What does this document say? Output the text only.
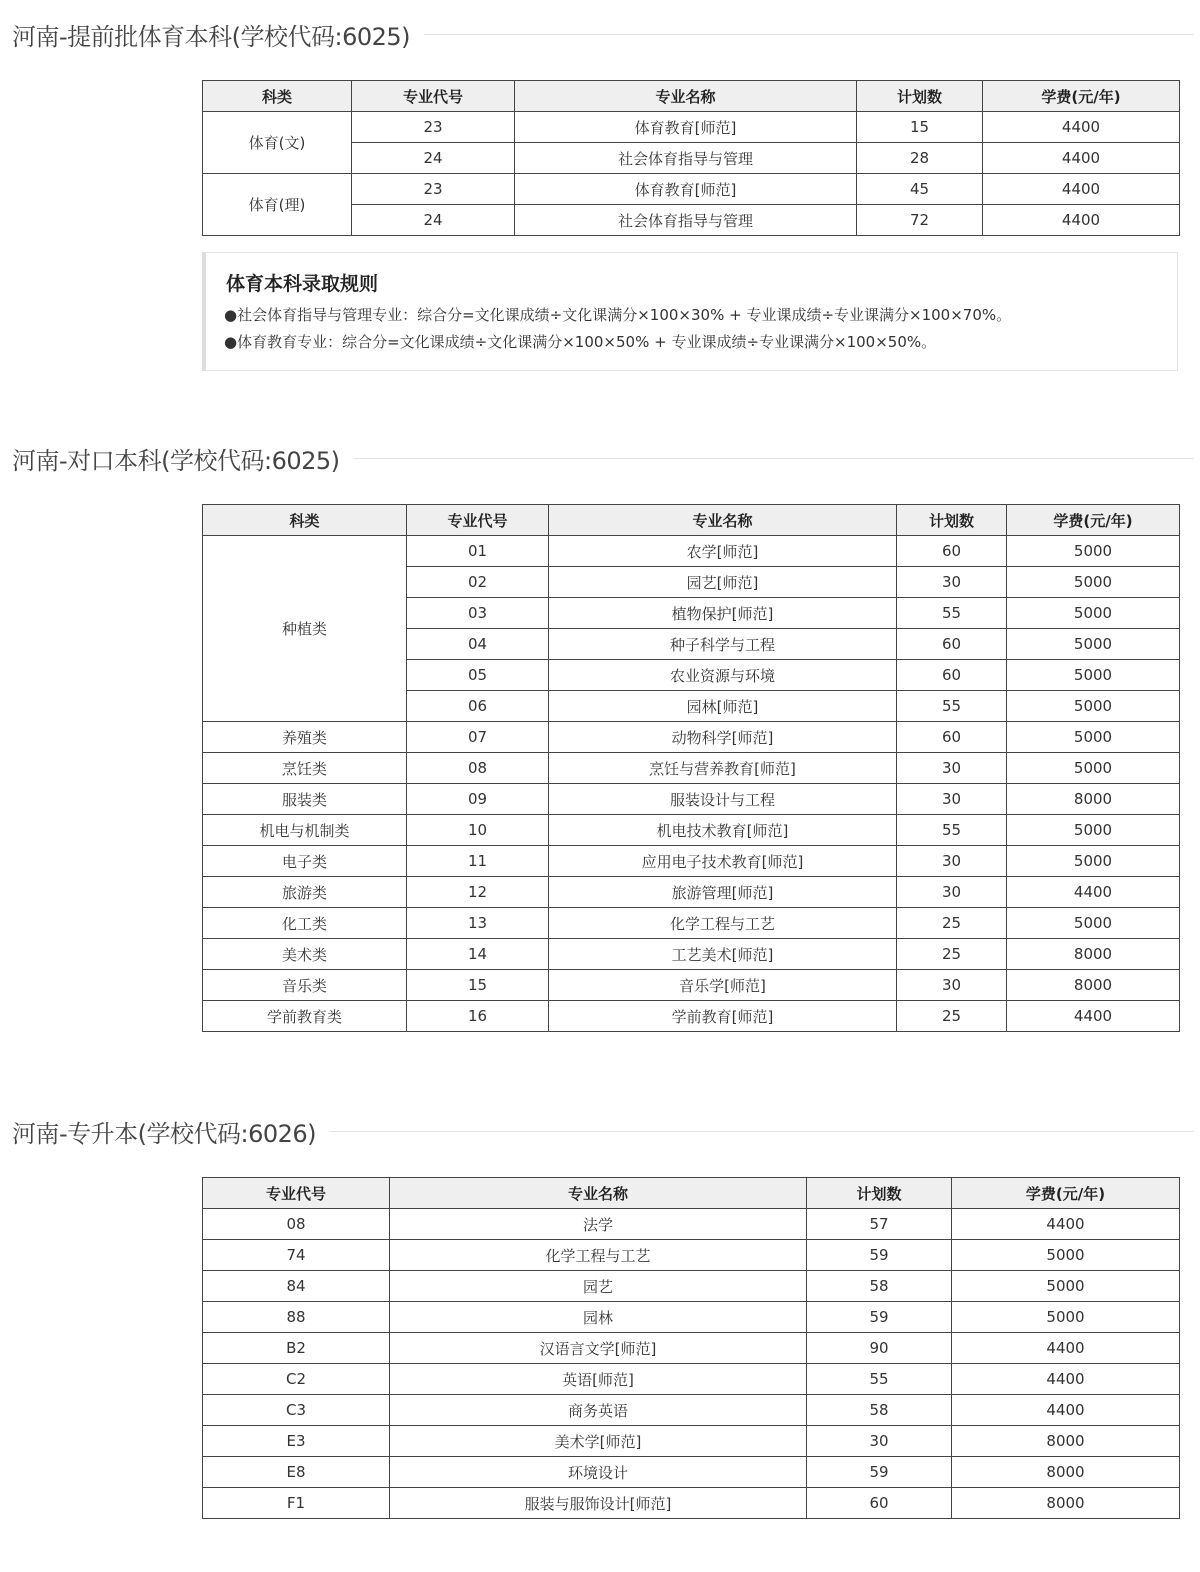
河南-提前批体育本科(学校代码:6025)
科类	专业代号	专业名称	计划数	学费(元/年)
体育(文)	23	体育教育[师范]	15	4400
	24	社会体育指导与管理	28	4400
体育(理)	23	体育教育[师范]	45	4400
	24	社会体育指导与管理	72	4400
体育本科录取规则
●社会体育指导与管理专业：综合分=文化课成绩÷文化课满分×100×30% + 专业课成绩÷专业课满分×100×70%。
●体育教育专业：综合分=文化课成绩÷文化课满分×100×50% + 专业课成绩÷专业课满分×100×50%。
河南-对口本科(学校代码:6025)
科类	专业代号	专业名称	计划数	学费(元/年)
种植类	01	农学[师范]	60	5000
	02	园艺[师范]	30	5000
	03	植物保护[师范]	55	5000
	04	种子科学与工程	60	5000
	05	农业资源与环境	60	5000
	06	园林[师范]	55	5000
养殖类	07	动物科学[师范]	60	5000
烹饪类	08	烹饪与营养教育[师范]	30	5000
服装类	09	服装设计与工程	30	8000
机电与机制类	10	机电技术教育[师范]	55	5000
电子类	11	应用电子技术教育[师范]	30	5000
旅游类	12	旅游管理[师范]	30	4400
化工类	13	化学工程与工艺	25	5000
美术类	14	工艺美术[师范]	25	8000
音乐类	15	音乐学[师范]	30	8000
学前教育类	16	学前教育[师范]	25	4400
河南-专升本(学校代码:6026)
专业代号	专业名称	计划数	学费(元/年)
08	法学	57	4400
74	化学工程与工艺	59	5000
84	园艺	58	5000
88	园林	59	5000
B2	汉语言文学[师范]	90	4400
C2	英语[师范]	55	4400
C3	商务英语	58	4400
E3	美术学[师范]	30	8000
E8	环境设计	59	8000
F1	服装与服饰设计[师范]	60	8000
